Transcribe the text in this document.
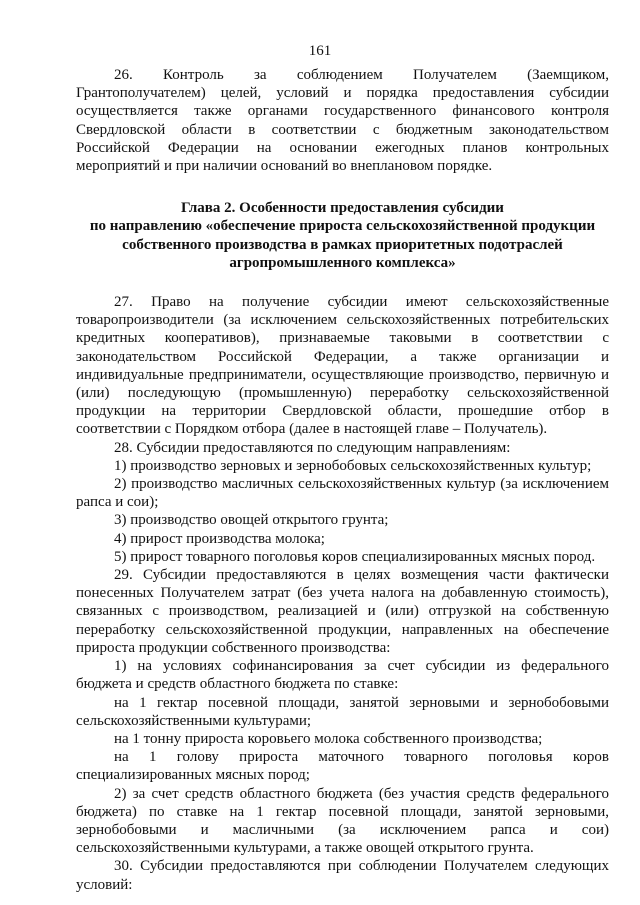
161

26. Контроль за соблюдением Получателем (Заемщиком, Грантополучателем) целей, условий и порядка предоставления субсидии осуществляется также органами государственного финансового контроля Свердловской области в соответствии с бюджетным законодательством Российской Федерации на основании ежегодных планов контрольных мероприятий и при наличии оснований во внеплановом порядке.

Глава 2. Особенности предоставления субсидии
по направлению «обеспечение прироста сельскохозяйственной продукции
собственного производства в рамках приоритетных подотраслей
агропромышленного комплекса»

27. Право на получение субсидии имеют сельскохозяйственные товаропроизводители (за исключением сельскохозяйственных потребительских кредитных кооперативов), признаваемые таковыми в соответствии с законодательством Российской Федерации, а также организации и индивидуальные предприниматели, осуществляющие производство, первичную и (или) последующую (промышленную) переработку сельскохозяйственной продукции на территории Свердловской области, прошедшие отбор в соответствии с Порядком отбора (далее в настоящей главе – Получатель).

28. Субсидии предоставляются по следующим направлениям:

1) производство зерновых и зернобобовых сельскохозяйственных культур;

2) производство масличных сельскохозяйственных культур (за исключением рапса и сои);

3) производство овощей открытого грунта;

4) прирост производства молока;

5) прирост товарного поголовья коров специализированных мясных пород.

29. Субсидии предоставляются в целях возмещения части фактически понесенных Получателем затрат (без учета налога на добавленную стоимость), связанных с производством, реализацией и (или) отгрузкой на собственную переработку сельскохозяйственной продукции, направленных на обеспечение прироста продукции собственного производства:

1) на условиях софинансирования за счет субсидии из федерального бюджета и средств областного бюджета по ставке:

на 1 гектар посевной площади, занятой зерновыми и зернобобовыми сельскохозяйственными культурами;

на 1 тонну прироста коровьего молока собственного производства;

на 1 голову прироста маточного товарного поголовья коров специализированных мясных пород;

2) за счет средств областного бюджета (без участия средств федерального бюджета) по ставке на 1 гектар посевной площади, занятой зерновыми, зернобобовыми и масличными (за исключением рапса и сои) сельскохозяйственными культурами, а также овощей открытого грунта.

30. Субсидии предоставляются при соблюдении Получателем следующих условий:
